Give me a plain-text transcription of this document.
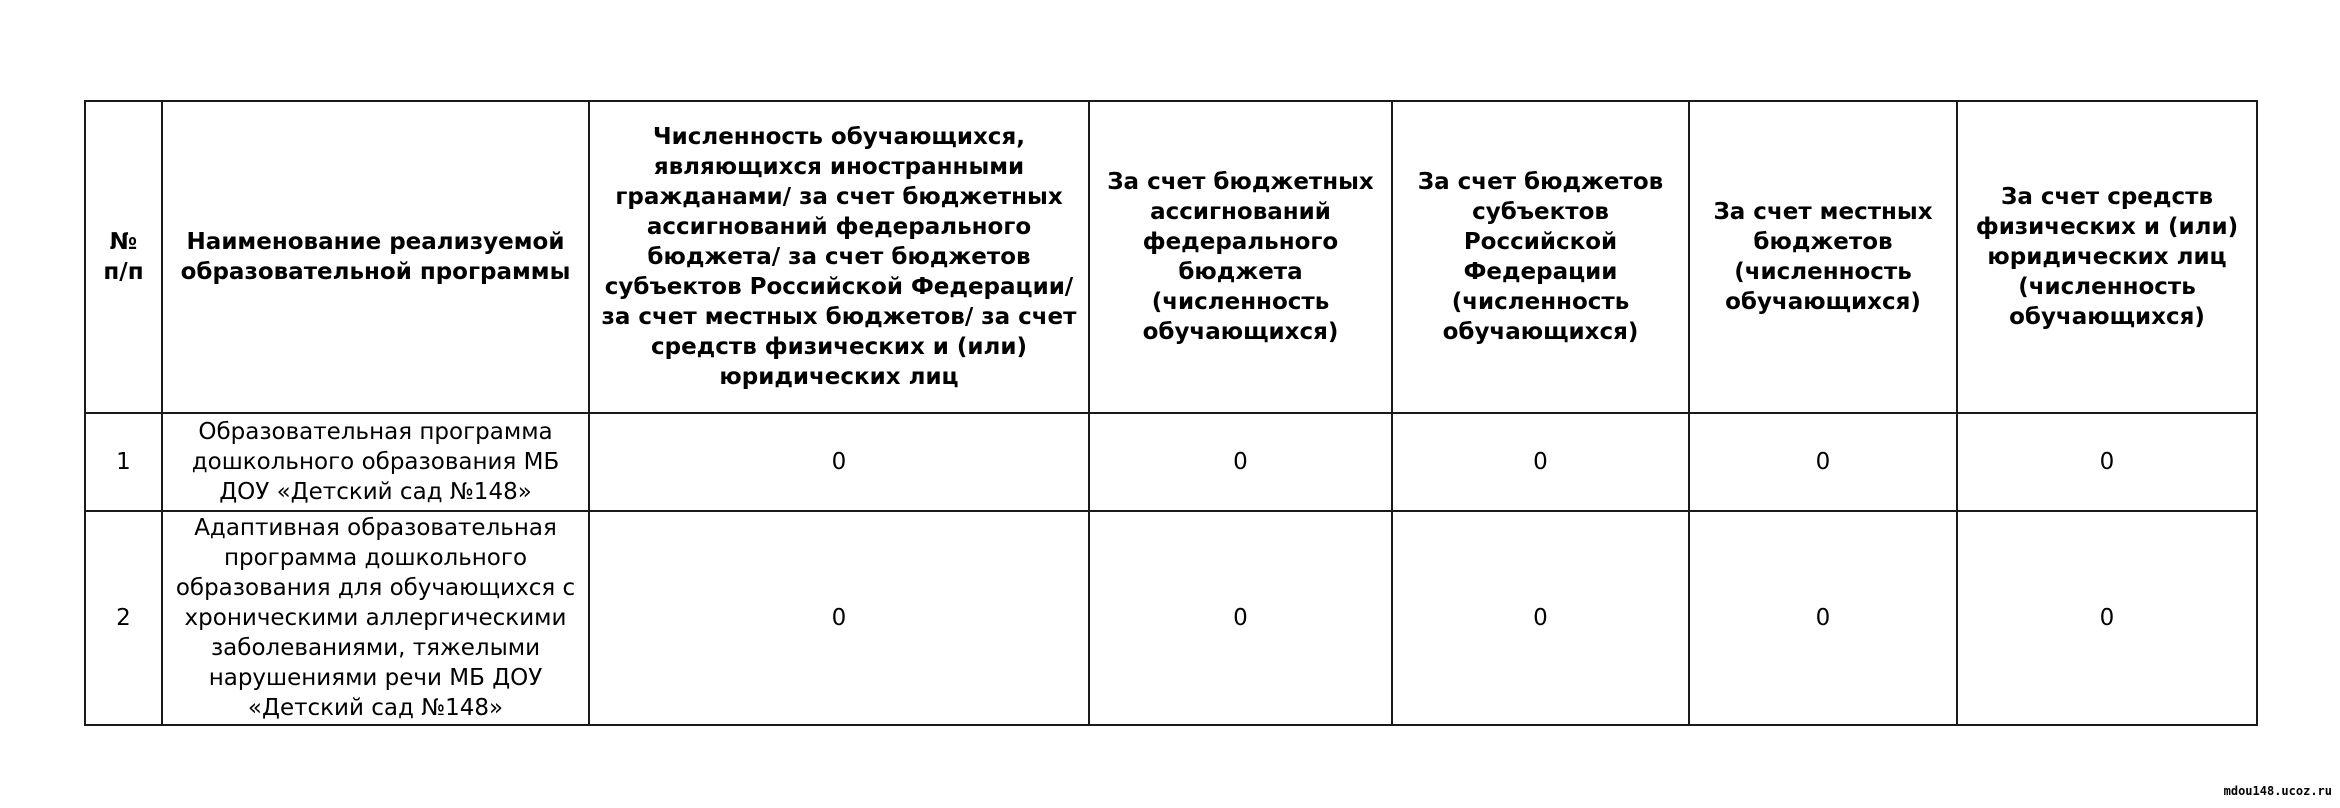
№ п/п	Наименование реализуемой образовательной программы	Численность обучающихся, являющихся иностранными гражданами/ за счет бюджетных ассигнований федерального бюджета/ за счет бюджетов субъектов Российской Федерации/ за счет местных бюджетов/ за счет средств физических и (или) юридических лиц	За счет бюджетных ассигнований федерального бюджета (численность обучающихся)	За счет бюджетов субъектов Российской Федерации (численность обучающихся)	За счет местных бюджетов (численность обучающихся)	За счет средств физических и (или) юридических лиц (численность обучающихся)
1	Образовательная программа дошкольного образования МБ ДОУ «Детский сад №148»	0	0	0	0	0
2	Адаптивная образовательная программа дошкольного образования для обучающихся с хроническими аллергическими заболеваниями, тяжелыми нарушениями речи МБ ДОУ «Детский сад №148»	0	0	0	0	0
mdou148.ucoz.ru
